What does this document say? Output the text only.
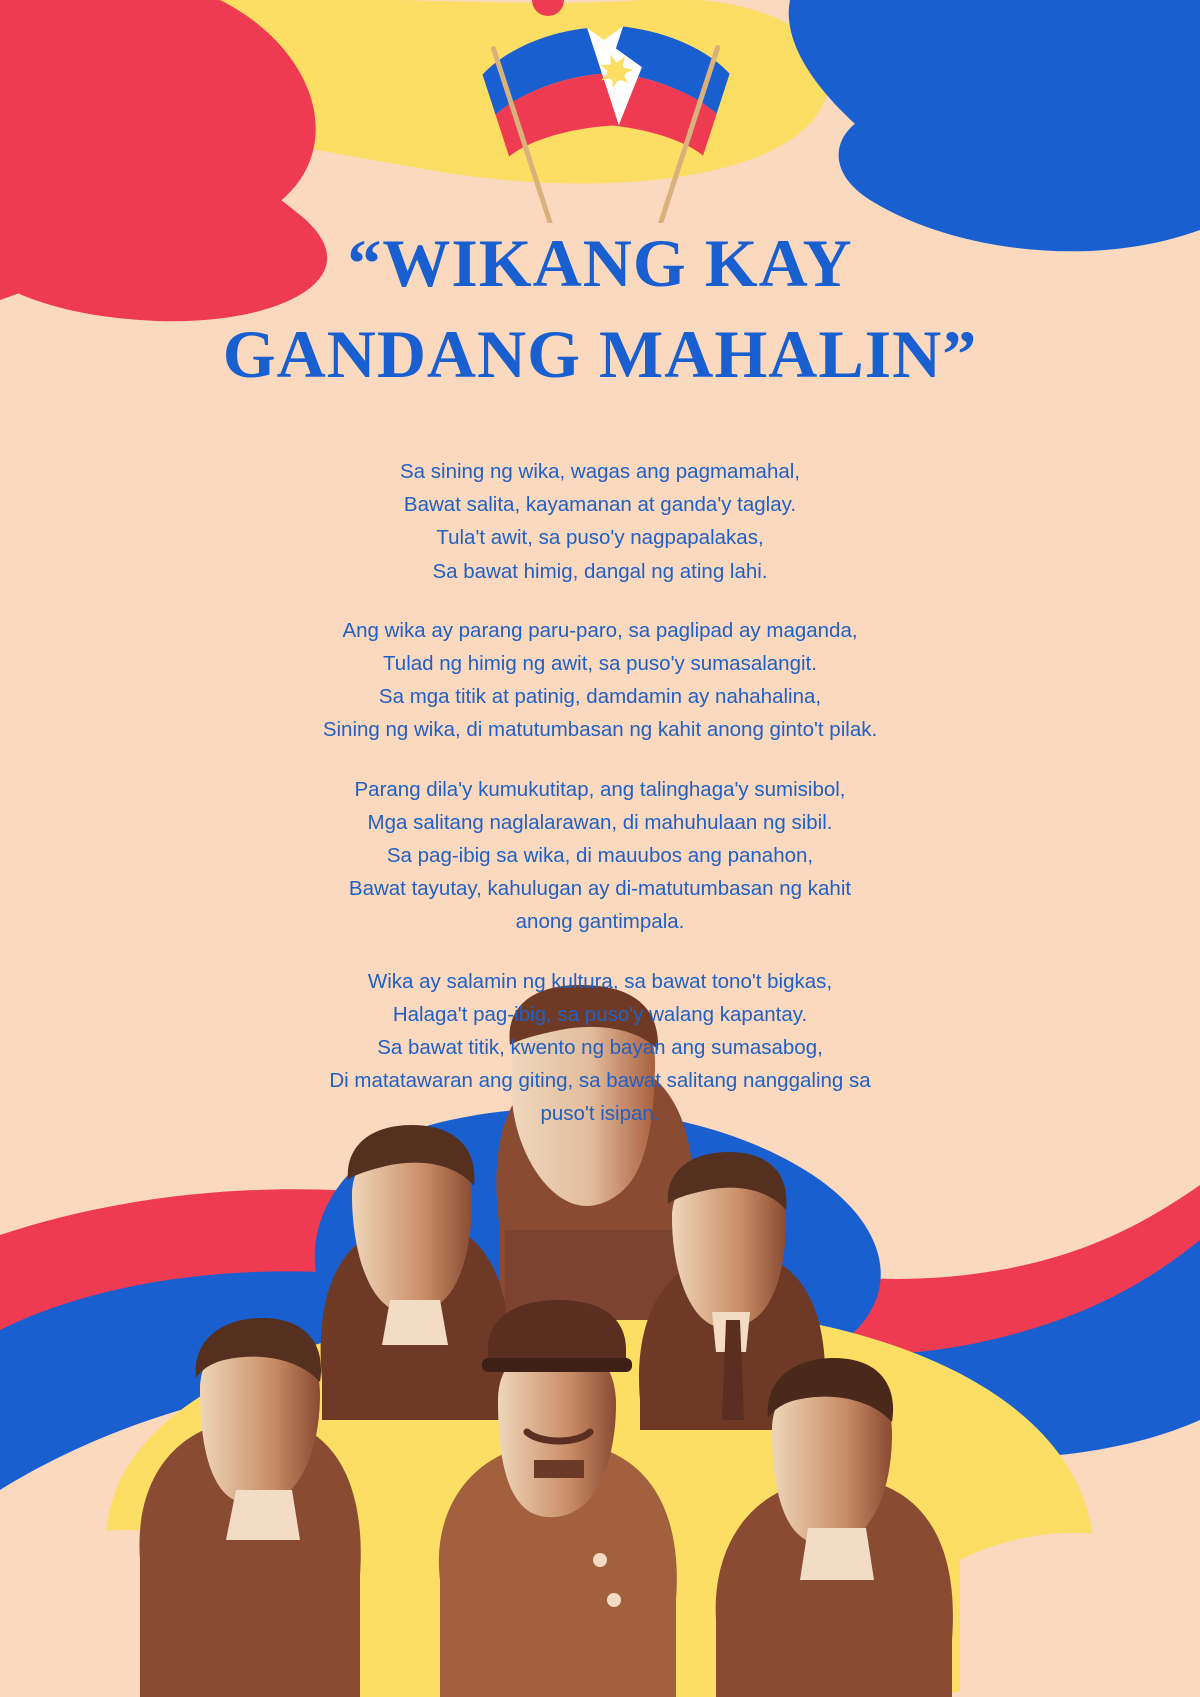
“WIKANG KAY
GANDANG MAHALIN”
Sa sining ng wika, wagas ang pagmamahal,
Bawat salita, kayamanan at ganda'y taglay.
Tula't awit, sa puso'y nagpapalakas,
Sa bawat himig, dangal ng ating lahi.
Ang wika ay parang paru-paro, sa paglipad ay maganda,
Tulad ng himig ng awit, sa puso'y sumasalangit.
Sa mga titik at patinig, damdamin ay nahahalina,
Sining ng wika, di matutumbasan ng kahit anong ginto't pilak.
Parang dila'y kumukutitap, ang talinghaga'y sumisibol,
Mga salitang naglalarawan, di mahuhulaan ng sibil.
Sa pag-ibig sa wika, di mauubos ang panahon,
Bawat tayutay, kahulugan ay di-matutumbasan ng kahit
anong gantimpala.
Wika ay salamin ng kultura, sa bawat tono't bigkas,
Halaga't pag-ibig, sa puso'y walang kapantay.
Sa bawat titik, kwento ng bayan ang sumasabog,
Di matatawaran ang giting, sa bawat salitang nanggaling sa
puso't isipan.
